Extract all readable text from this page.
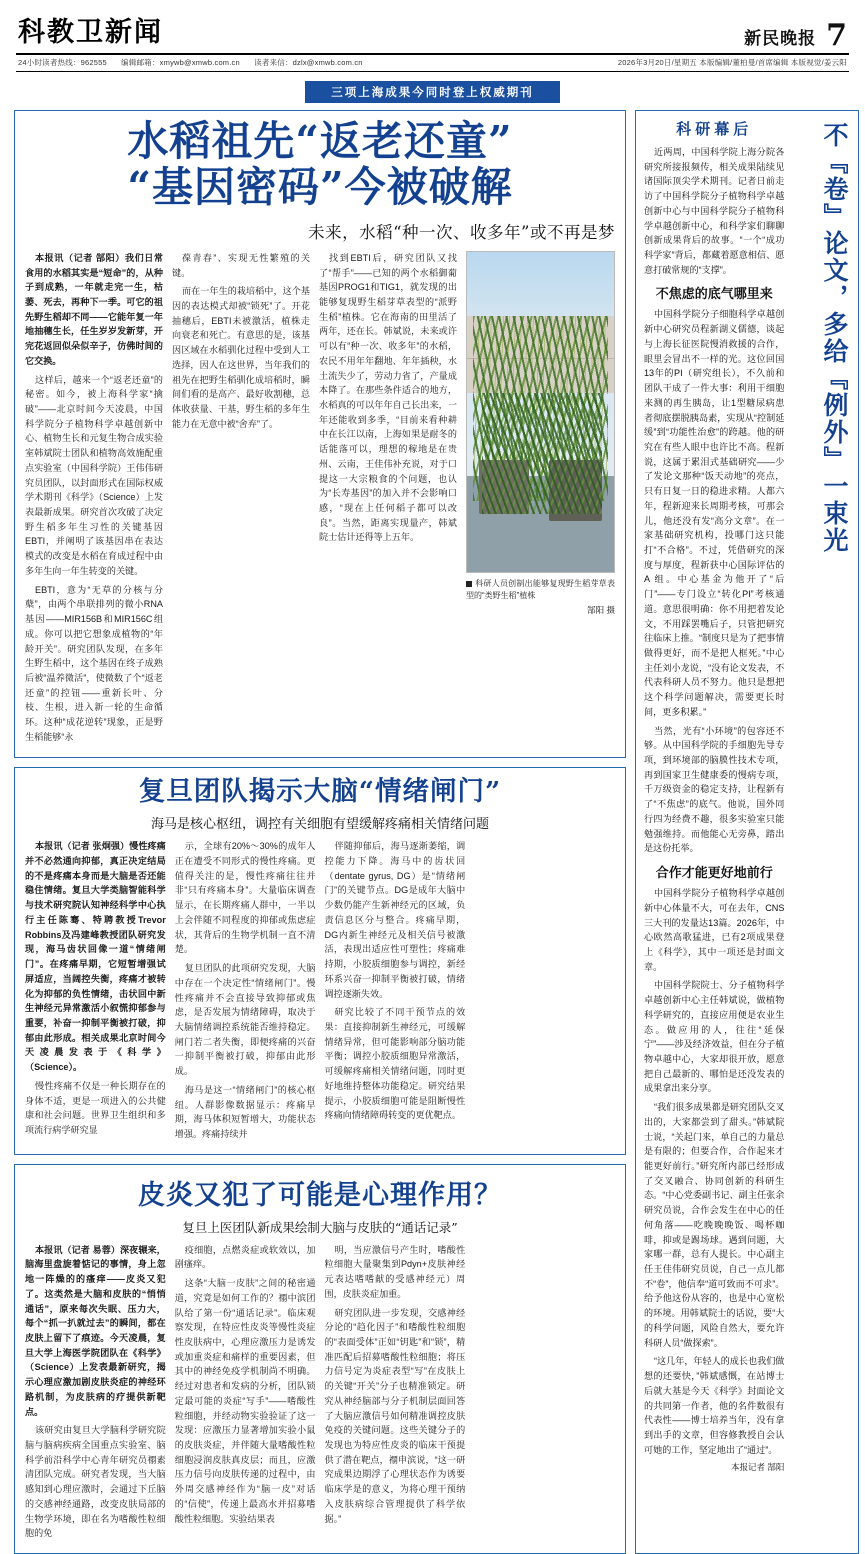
科教卫新闻	新民晚报 7
24小时读者热线：962555 编辑邮箱：xmywb@xmwb.com.cn 读者来信：dzlx@xmwb.com.cn	2026年3月20日/星期五 本版编辑/董柏曼/首席编辑 本版视觉/姜云阳
三项上海成果今同时登上权威期刊
水稻祖先“返老还童”
“基因密码”今被破解
未来，水稻“种一次、收多年”或不再是梦

本报讯（记者 郜阳）我们日常食用的水稻其实是“短命”的，从种子到成熟，一年就走完一生，枯萎、死去，再种下一季。可它的祖先野生稻却不同——它能年复一年地抽穗生长，任生岁岁发新芽，开完花返回似朵似辛子，仿佛时间的它交换。

这样后，越来一个“返老还童”的秘密。如今，被上海科学家“擒破”——北京时间今天凌晨，中国科学院分子植物科学卓越创新中心、植物生长和元复生物合成实验室韩斌院士团队和植物高效施配重点实验室（中国科学院）王伟伟研究员团队，以封面形式在国际权威学术期刊《科学》（Science）上发表最新成果。研究首次攻破了决定野生稻多年生习性的关键基因EBTI，并阐明了该基因串在表达模式的改变是水稻在育成过程中由多年生向一年生转变的关键。

EBTI，意为“无草的分核与分蘖”，由两个串联排列的微小RNA基因——MIR156B和MIR156C组成。你可以把它想象成植物的“年龄开关”。研究团队发现，在多年生野生稻中，这个基因在终子成熟后被“温养微活”，使微数了个“返老还童”的控钮——重新长叶、分枝、生根，进入新一轮的生命循环。这种“成花逆转”现象，正是野生稻能够“永

葆青春”、实现无性繁殖的关键。

而在一年生的栽培稻中，这个基因的表达模式却被“锁死”了。开花抽穗后，EBTI未被激活，植株走向衰老和死亡。有意思的是，该基因区域在水稻驯化过程中受到人工选择，因人在这世界，当年我们的祖先在把野生稻驯化成培稻时，瞬间们看的是高产、最好收割穗，总体收获量、干基，野生稻的多年生能力在无意中被“舍弃”了。

找到EBTI后，研究团队又找了“帮手”——已知的两个水稻御葡基因PROG1和TIG1，就发现的出能够复现野生稻芽草表型的“派野生稻”植株。它在海南的田里活了两年，还在长。韩斌说，未来或许可以有“种一次、收多年”的水稻，农民不用年年翻地、年年插秧，水土流失少了，劳动力省了，产量成本降了。在那些条件适合的地方，水稻真的可以年年自己长出来，一年还能收到多季，“目前来看种耕中在长江以南，上海如果是耐冬的话能落可以，理想的稼地是在贵州、云南，王佳伟补充说，对于口提这一大宗粮食的个问题，也认为“长寿基因”的加入并不会影响口感，“现在上任何稻子都可以改良”。当然，距离实现量产，韩斌院士估计还得等上五年。

科研人员创制出能够复现野生稻芽草表型的“类野生稻”植株
郜阳 摄
复旦团队揭示大脑“情绪闸门”
海马是核心枢纽，调控有关细胞有望缓解疼痛相关情绪问题

本报讯（记者 张炯强）慢性疼痛并不必然通向抑郁，真正决定结局的不是疼痛本身而是大脑是否还能稳住情绪。复旦大学类脑智能科学与技术研究院认知神经科学中心执行主任陈骞、特聘教授Trevor Robbins及冯建峰教授团队研究发现，海马齿状回像一道“情绪闸门”。在疼痛早期，它短暂增强试屏适应，当阔控失衡，疼痛才被转化为抑郁的负性情绪，击状回中新生神经元异常激活小叙慌抑郁参与重要，补奋一抑制平衡被打破，抑郁由此形成。相关成果北京时间今天凌晨发表于《科学》（Science）。

慢性疼痛不仅是一种长期存在的身体不适，更是一项进入的公共健康和社会问题。世界卫生组织和多项流行病学研究显

示，全球有20%～30%的成年人正在遭受不同形式的慢性疼痛。更值得关注的是，慢性疼痛往往并非“只有疼痛本身”。大量临床调查显示，在长期疼痛人群中，一半以上会伴随不同程度的抑郁或焦虑症状，其背后的生物学机制一直不清楚。

复旦团队的此项研究发现，大脑中存在一个决定性“情绪闸门”。慢性疼痛并不会直接导致抑郁或焦虑，是否发展为情绪障碍，取决于大脑情绪调控系统能否维持稳定。闸门若二者失衡，即便疼痛的兴奋一抑制平衡被打破，抑郁由此形成。

海马是这一“情绪闸门”的核心枢纽。人群影像数据显示：疼痛早期，海马体积短暂增大，功能状态增强。疼痛持续并

伴随抑郁后，海马逐渐萎缩，调控能力下降。海马中的齿状回（dentate gyrus, DG）是“情绪闸门”的关键节点。DG是成年大脑中少数仍能产生新神经元的区域，负责信息区分与整合。疼痛早期，DG内新生神经元及相关信号被激活，表现出适应性可塑性；疼痛难持期，小胶质细胞参与调控，新经环系兴奋一抑制平衡被打破，情绪调控逐渐失效。

研究比较了不同干预节点的效果：直接抑制新生神经元，可缓解情绪异常，但可能影响部分脑功能平衡；调控小胶质细胞异常激活，可缓解疼痛相关情绪问题，同时更好地维持整体功能稳定。研究结果提示，小胶质细胞可能是阻断慢性疼痛向情绪障碍转变的更优靶点。

皮炎又犯了可能是心理作用？
复旦上医团队新成果绘制大脑与皮肤的“通话记录”

本报讯（记者 易蓉）深夜辗来，脑海里盘旋着惦记的事情，身上忽地一阵燥的的瘙痒——皮炎又犯了。这类然是大脑和皮肤的“悄悄通话”，原来每次失眠、压力大，每个“抓一扒就过去”的瞬间，都在皮肤上留下了痕迹。今天凌晨，复旦大学上海医学院团队在《科学》（Science）上发表最新研究，揭示心理应激加剧皮肤炎症的神经环路机制，为皮肤病的疗提供新靶点。

该研究由复旦大学脑科学研究院脑与脑病疾病全国重点实验室、脑科学前沿科学中心青年研究员禤素清团队完成。研究者发现，当大脑感知到心理应激时，会通过下丘脑的交感神经通路，改变皮肤局部的生物学环境，即在名为嗜酸性粒细胞的免

疫细胞，点燃炎症或软效以，加剧瘙痒。

这条“大脑一皮肤”之间的秘密通道，究竟是如何工作的？禤中滨团队给了第一份“通话记录”。临床观察发现，在特应性皮炎等慢性炎症性皮肤病中，心理应激压力是诱发或加重炎症和痛样的重要因素，但其中的神经免疫学机制尚不明确。经过对患者和发病的分析，团队锁定最可能的炎症“写手”——嗜酸性粒细胞，并经动物实验验证了这一发现：应激压力显著增加实验小鼠的皮肤炎症，并伴随大量嗜酸性粒细胞浸润皮肤真皮层；而且，应激压力信号向皮肤传递的过程中，由外周交感神经作为“脑一皮”对话的“信使”，传递上最高水并招募嗜酸性粒细胞。实验结果表

明，当应激信号产生时，嗜酸性粒细胞大量聚集到Pdyn+皮肤神经元表达嗜嗜献的受感神经元）周围，皮肤炎症加重。

研究团队进一步发现，交感神经分论的“趋化因子”和嗜酸性粒细胞的“表面受体”正如“钥匙”和“锁”，精准匹配后招募嗜酸性粒细胞；将压力信号定为炎症表型“写”在皮肤上的关键“开关”分子也精准锁定。研究从神经脑部与分子机制层面回答了大脑应激信号如何精准调控皮肤免疫的关键问题。这些关键分子的发现也为特应性皮炎的临床干预提供了潜在靶点，禤申滨说，“这一研究成果边期浮了心理状态作为诱要临床学是的意义，为将心理干预纳入皮肤病综合管理提供了科学依据。”

科研幕后

近两周，中国科学院上海分院各研究所接报频传，相关成果陆续见诸国际顶尖学术期刊。记者日前走访了中国科学院分子植物科学卓越创新中心与中国科学院分子植物科学卓越创新中心，和科学家们聊聊创新成果背后的故事。“一个“成功科学家”背后，都藏着愿意相信、愿意打破常规的“支撑”。

不焦虑的底气哪里来

中国科学院分子细胞科学卓越创新中心研究员程新湖义儒德，谈起与上海长征医院慢消救援的合作，眼里会冒出不一样的光。这位回国13年的PI（研究组长），不久前和团队干成了一件大事：利用干细胞来测的再生胰岛，让1型糖尿病患者彻底摆脱胰岛素，实现从“控制延缓”到“功能性治愈”的跨越。他的研究在有些人眼中也许比不高。程新说，这属于累泪式基础研究——少了发论文那种“饭天动地”的亮点，只有日复一日的稳进求精。人都六年，程新迎来长周期考核，可那会儿，他还没有发“高分文章”。在一家基础研究机构，投哪门这只能打“不合格”。不过，凭借研究的深度与厚度，程新获中心国际评估的 A 组。中心基金为他开了“后门”——专门设立“转化PI”考核通道。意思很明确：你不用把着发论文，不用踩罢嘴后子，只管把研究往临床上推。“制度只是为了把事情做得更好，而不是把人框死。”中心主任刘小龙说，“没有论文发表，不代表科研人员不努力。他只是想把这个科学问题解决，需要更长时间，更多积累。”

当然，光有“小环境”的包容还不够。从中国科学院的手细胞先导专项，到环境部的脑膜性技术专项，再到国家卫生健康委的慢病专项，千万级资金的稳定支持，让程新有了“不焦虑”的底气。他说，国外同行四为经费不趣，很多实验室只能勉强维持。而他能心无旁鼻，踏出是这份托举。

合作才能更好地前行

中国科学院分子植物科学卓越创新中心体量不大，可在去年，CNS 三大刊的发量达13篇。2026年，中心欧然高歌猛进，已有2项成果登上《科学》，其中一项还是封面文章。

中国科学院院士、分子植物科学卓越创新中心主任韩斌说，做植物科学研究的，直接应用便是农业生态。做应用的人，往往“延保宁”——涉及经济效益，但在分子植物卓越中心，大家却很开放，愿意把自己最新的、哪怕是还没发表的成果拿出来分享。

“我们很多成果都是研究团队交叉出的，大家都尝到了甜头。”韩斌院士说，“关起门来，单自己的力量总是有限的；但要合作，合作起来才能更好前行。”研究所内部已经形成了交叉融合、协同创新的科研生态。“中心党委副书记、副主任张余研究员说，合作会发生在中心的任何角落——吃晚晚晚饭、喝杯咖啡，抑或是踢场球。遇到问题，大家哪一群，总有人提长。中心副主任王佳伟研究员说，自己一点儿都不“卷”，他信奉“道可致而不可求”。给予他这份从容的，也是中心宽松的环境。用韩斌院士的话说，要“大的科学问题，风险自然大，要允许科研人员“做探索”。

“这几年，年轻人的成长也我们做想的还要快，”韩斌感慨，在站博士后就大基是今天《科学》封面论文的共同第一作者，他的名件数很有代表性——博士培养当年，没有拿到出手的文章，但容修教授自会认可她的工作，坚定地出了“通过”。

本报记者 郜阳
不『卷』论文，多给『例外』一束光
